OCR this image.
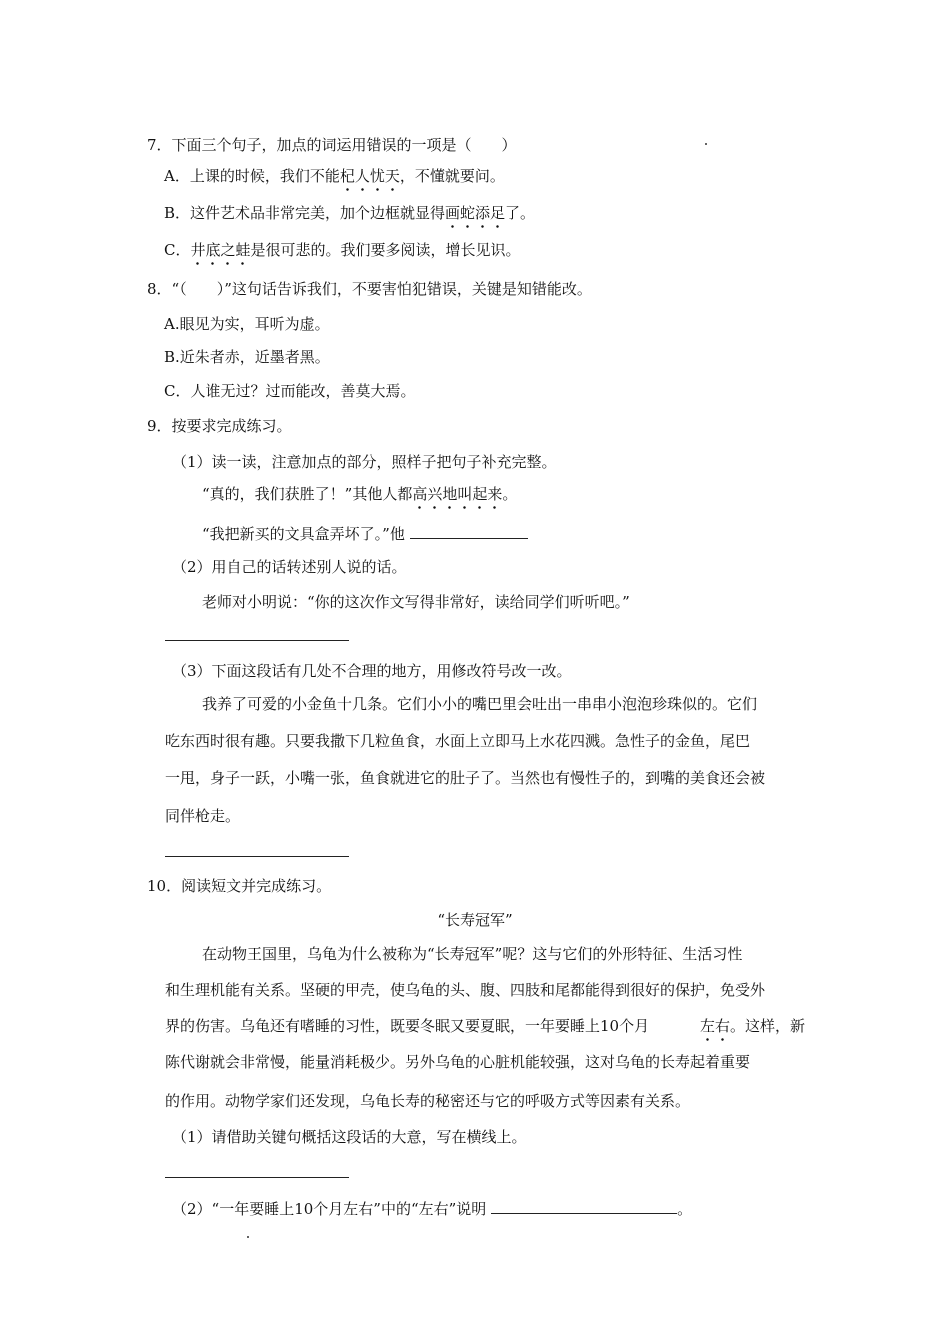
7．下面三个句子，加点的词运用错误的一项是（　　）
A．上课的时候，我们不能杞人忧天，不懂就要问。
B．这件艺术品非常完美，加个边框就显得画蛇添足了。
C．井底之蛙是很可悲的。我们要多阅读，增长见识。
8．“（　　）”这句话告诉我们，不要害怕犯错误，关键是知错能改。
A.眼见为实，耳听为虚。
B.近朱者赤，近墨者黑。
C．人谁无过？过而能改，善莫大焉。
9．按要求完成练习。
（1）读一读，注意加点的部分，照样子把句子补充完整。
“真的，我们获胜了！”其他人都高兴地叫起来。
“我把新买的文具盒弄坏了。”他
（2）用自己的话转述别人说的话。
老师对小明说：“你的这次作文写得非常好，读给同学们听听吧。”
（3）下面这段话有几处不合理的地方，用修改符号改一改。
我养了可爱的小金鱼十几条。它们小小的嘴巴里会吐出一串串小泡泡珍珠似的。它们
吃东西时很有趣。只要我撒下几粒鱼食，水面上立即马上水花四溅。急性子的金鱼，尾巴
一甩，身子一跃，小嘴一张，鱼食就进它的肚子了。当然也有慢性子的，到嘴的美食还会被
同伴枪走。
10．阅读短文并完成练习。
“长寿冠军”
在动物王国里，乌龟为什么被称为“长寿冠军”呢？这与它们的外形特征、生活习性
和生理机能有关系。坚硬的甲壳，使乌龟的头、腹、四肢和尾都能得到很好的保护，免受外
界的伤害。乌龟还有嗜睡的习性，既要冬眠又要夏眠，一年要睡上10个月	左右。这样，新
陈代谢就会非常慢，能量消耗极少。另外乌龟的心脏机能较强，这对乌龟的长寿起着重要
的作用。动物学家们还发现，乌龟长寿的秘密还与它的呼吸方式等因素有关系。
（1）请借助关键句概括这段话的大意，写在横线上。
（2）“一年要睡上10个月左右”中的“左右”说明	。
